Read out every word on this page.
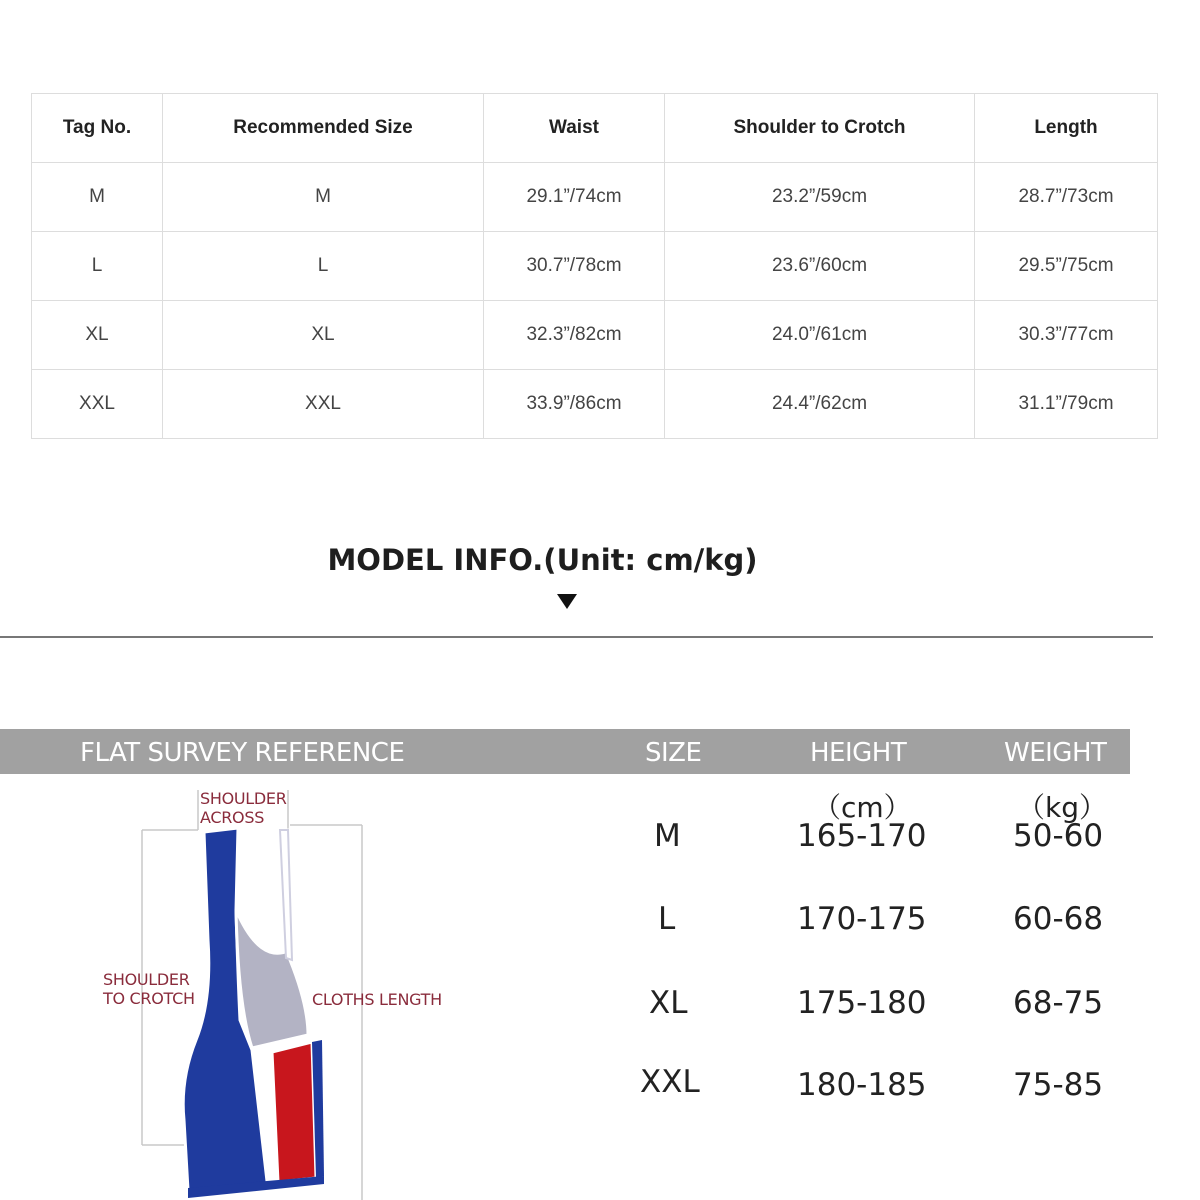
Tag No.	Recommended Size	Waist	Shoulder to Crotch	Length
M	M	29.1”/74cm	23.2”/59cm	28.7”/73cm
L	L	30.7”/78cm	23.6”/60cm	29.5”/75cm
XL	XL	32.3”/82cm	24.0”/61cm	30.3”/77cm
XXL	XXL	33.9”/86cm	24.4”/62cm	31.1”/79cm
MODEL INFO.(Unit: cm/kg)
FLAT SURVEY REFERENCE	SIZE	HEIGHT	WEIGHT
（cm）	（kg）
M	165-170	50-60
L	170-175	60-68
XL	175-180	68-75
XXL	180-185	75-85
SHOULDER
ACROSS
SHOULDER
TO CROTCH	CLOTHS LENGTH
